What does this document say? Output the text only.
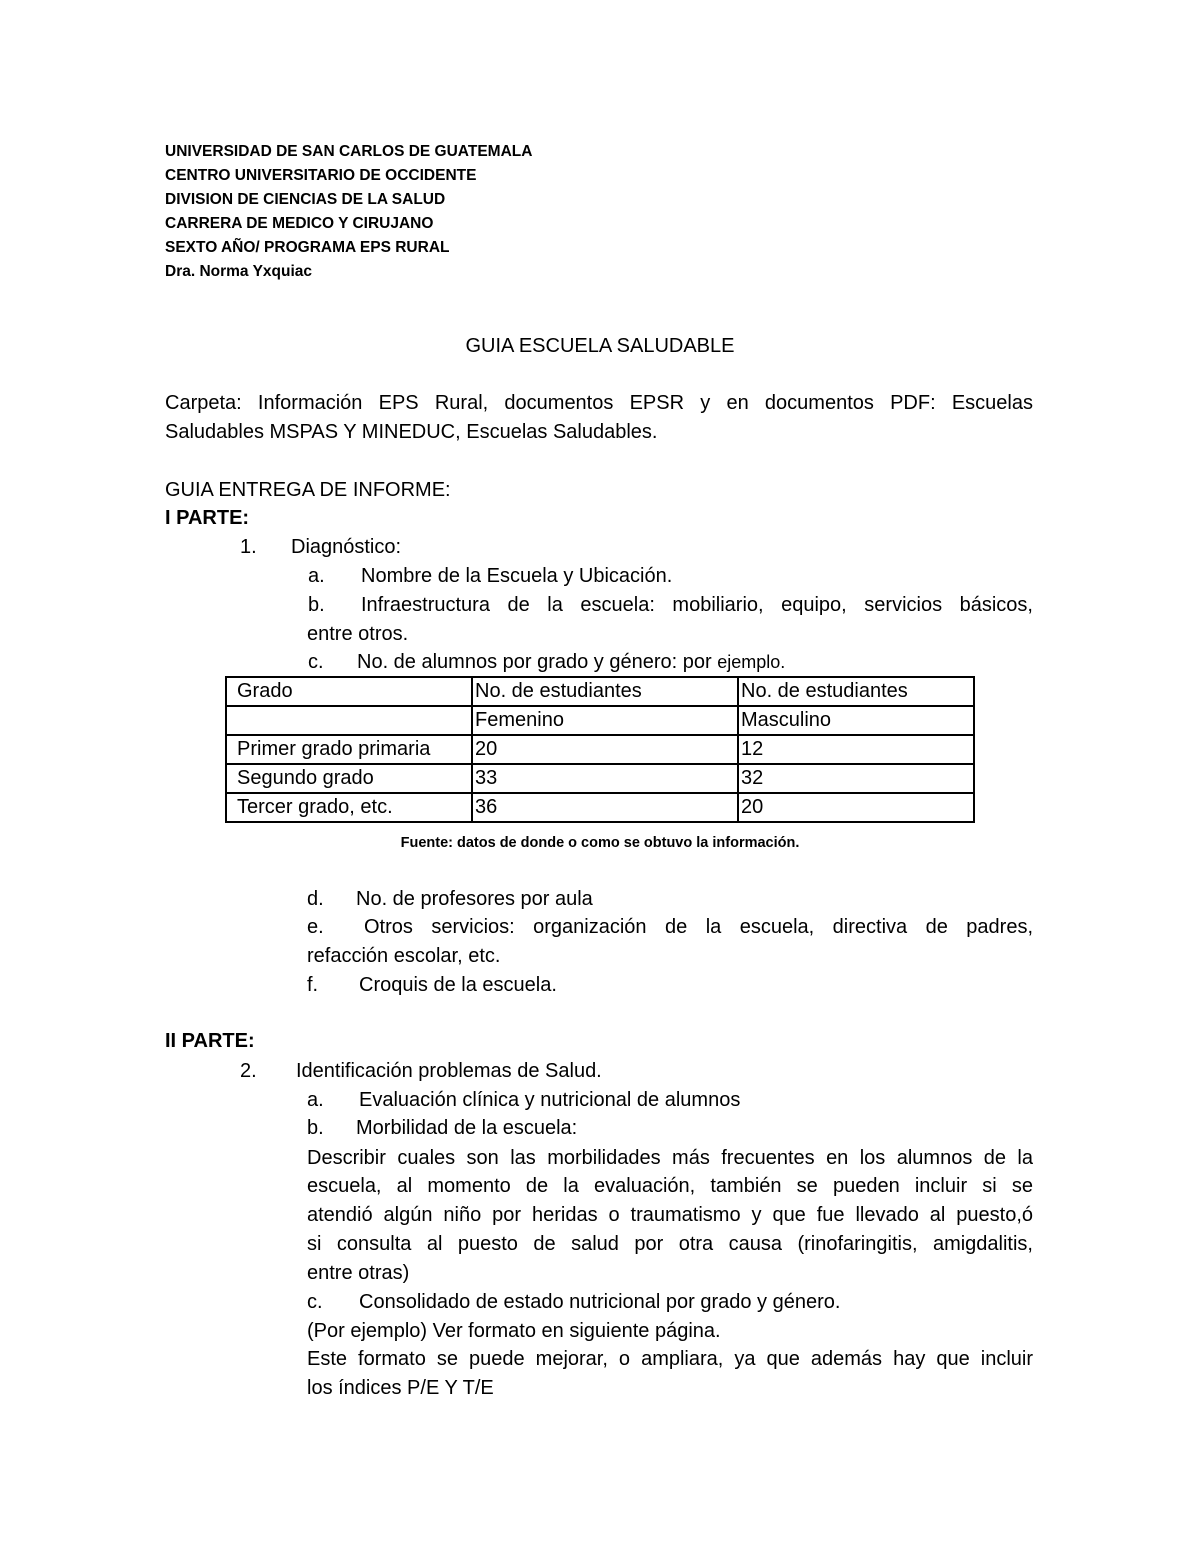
UNIVERSIDAD DE SAN CARLOS DE GUATEMALA
CENTRO UNIVERSITARIO DE OCCIDENTE
DIVISION DE CIENCIAS DE LA SALUD
CARRERA DE MEDICO Y CIRUJANO
SEXTO AÑO/ PROGRAMA EPS RURAL
Dra. Norma Yxquiac
GUIA ESCUELA SALUDABLE
Carpeta: Información EPS Rural, documentos EPSR y en documentos PDF: Escuelas
Saludables MSPAS Y MINEDUC, Escuelas Saludables.
GUIA ENTREGA DE INFORME:
I PARTE:
1. Diagnóstico:
a. Nombre de la Escuela y Ubicación.
b. Infraestructura de la escuela: mobiliario, equipo, servicios básicos,
entre otros.
c. No. de alumnos por grado y género: por ejemplo.
Grado	No. de estudiantes	No. de estudiantes
	Femenino	Masculino
Primer grado primaria	20	12
Segundo grado	33	32
Tercer grado, etc.	36	20
Fuente: datos de donde o como se obtuvo la información.
d. No. de profesores por aula
e. Otros servicios: organización de la escuela, directiva de padres,
refacción escolar, etc.
f. Croquis de la escuela.
II PARTE:
2. Identificación problemas de Salud.
a. Evaluación clínica y nutricional de alumnos
b. Morbilidad de la escuela:
Describir cuales son las morbilidades más frecuentes en los alumnos de la
escuela, al momento de la evaluación, también se pueden incluir si se
atendió algún niño por heridas o traumatismo y que fue llevado al puesto,ó
si consulta al puesto de salud por otra causa (rinofaringitis, amigdalitis,
entre otras)
c. Consolidado de estado nutricional por grado y género.
(Por ejemplo) Ver formato en siguiente página.
Este formato se puede mejorar, o ampliara, ya que además hay que incluir
los índices P/E Y T/E
